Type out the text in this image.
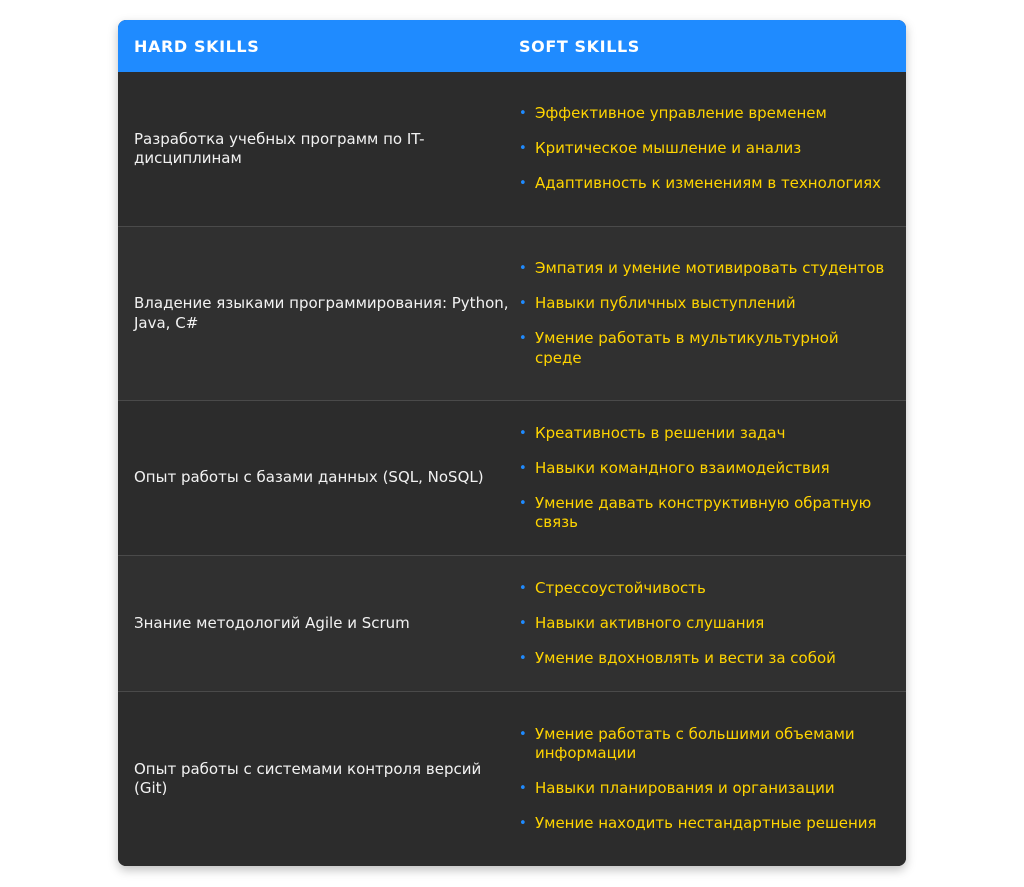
HARD SKILLS	SOFT SKILLS
Разработка учебных программ по IT-дисциплинам
• Эффективное управление временем
• Критическое мышление и анализ
• Адаптивность к изменениям в технологиях
Владение языками программирования: Python, Java, C#
• Эмпатия и умение мотивировать студентов
• Навыки публичных выступлений
• Умение работать в мультикультурной среде
Опыт работы с базами данных (SQL, NoSQL)
• Креативность в решении задач
• Навыки командного взаимодействия
• Умение давать конструктивную обратную связь
Знание методологий Agile и Scrum
• Стрессоустойчивость
• Навыки активного слушания
• Умение вдохновлять и вести за собой
Опыт работы с системами контроля версий (Git)
• Умение работать с большими объемами информации
• Навыки планирования и организации
• Умение находить нестандартные решения
